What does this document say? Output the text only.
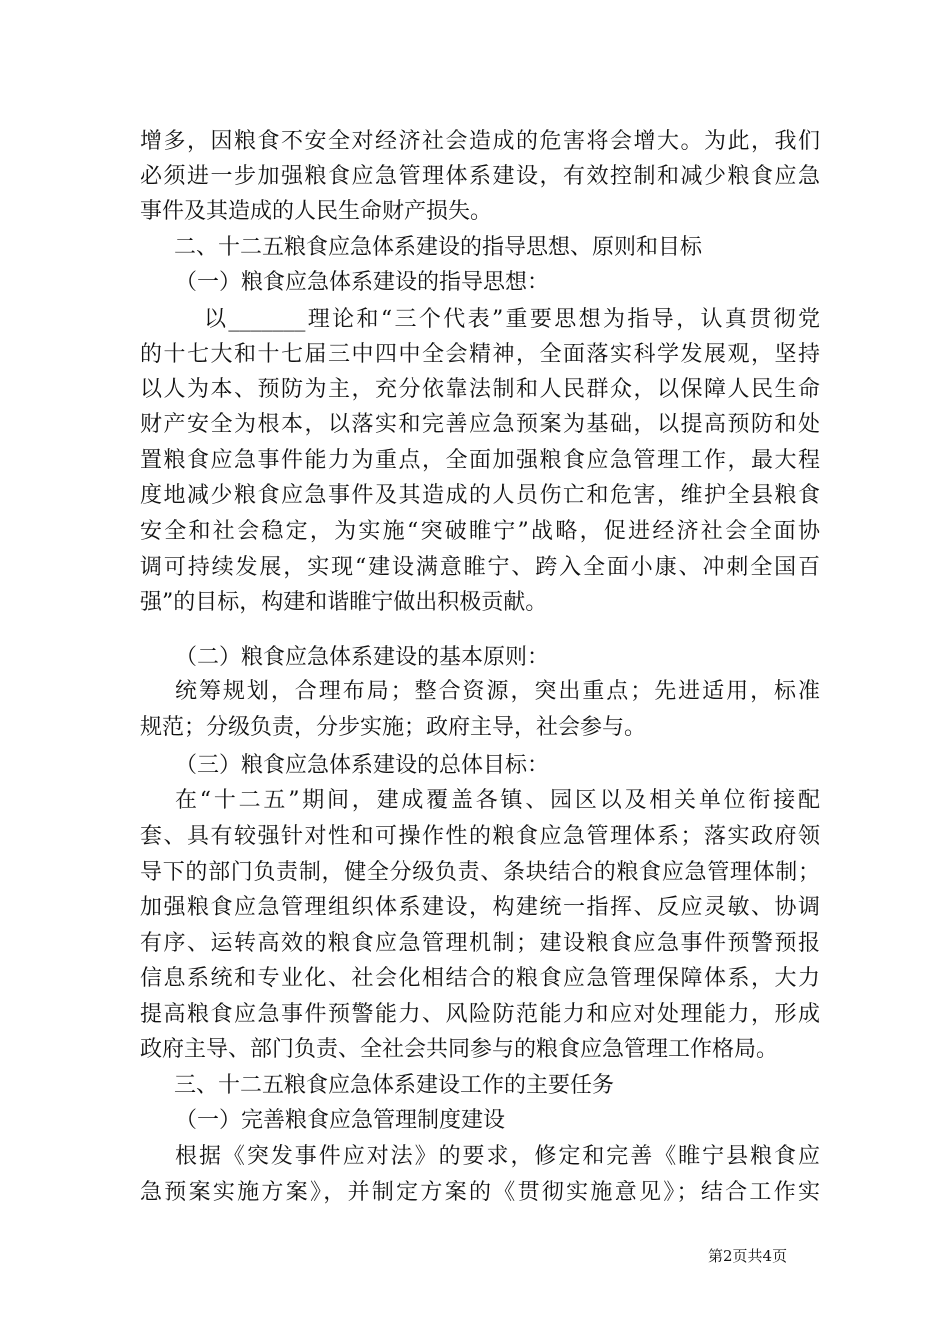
增多，因粮食不安全对经济社会造成的危害将会增大。为此，我们
必须进一步加强粮食应急管理体系建设，有效控制和减少粮食应急
事件及其造成的人民生命财产损失。
二、十二五粮食应急体系建设的指导思想、原则和目标
（一）粮食应急体系建设的指导思想：
以_______理论和“三个代表”重要思想为指导，认真贯彻党
的十七大和十七届三中四中全会精神，全面落实科学发展观，坚持
以人为本、预防为主，充分依靠法制和人民群众，以保障人民生命
财产安全为根本，以落实和完善应急预案为基础，以提高预防和处
置粮食应急事件能力为重点，全面加强粮食应急管理工作，最大程
度地减少粮食应急事件及其造成的人员伤亡和危害，维护全县粮食
安全和社会稳定，为实施“突破睢宁”战略，促进经济社会全面协
调可持续发展，实现“建设满意睢宁、跨入全面小康、冲刺全国百
强”的目标，构建和谐睢宁做出积极贡献。
（二）粮食应急体系建设的基本原则：
统筹规划，合理布局；整合资源，突出重点；先进适用，标准
规范；分级负责，分步实施；政府主导，社会参与。
（三）粮食应急体系建设的总体目标：
在“十二五”期间，建成覆盖各镇、园区以及相关单位衔接配
套、具有较强针对性和可操作性的粮食应急管理体系；落实政府领
导下的部门负责制，健全分级负责、条块结合的粮食应急管理体制；
加强粮食应急管理组织体系建设，构建统一指挥、反应灵敏、协调
有序、运转高效的粮食应急管理机制；建设粮食应急事件预警预报
信息系统和专业化、社会化相结合的粮食应急管理保障体系，大力
提高粮食应急事件预警能力、风险防范能力和应对处理能力，形成
政府主导、部门负责、全社会共同参与的粮食应急管理工作格局。
三、十二五粮食应急体系建设工作的主要任务
（一）完善粮食应急管理制度建设
根据《突发事件应对法》的要求，修定和完善《睢宁县粮食应
急预案实施方案》，并制定方案的《贯彻实施意见》；结合工作实
第2页共4页
